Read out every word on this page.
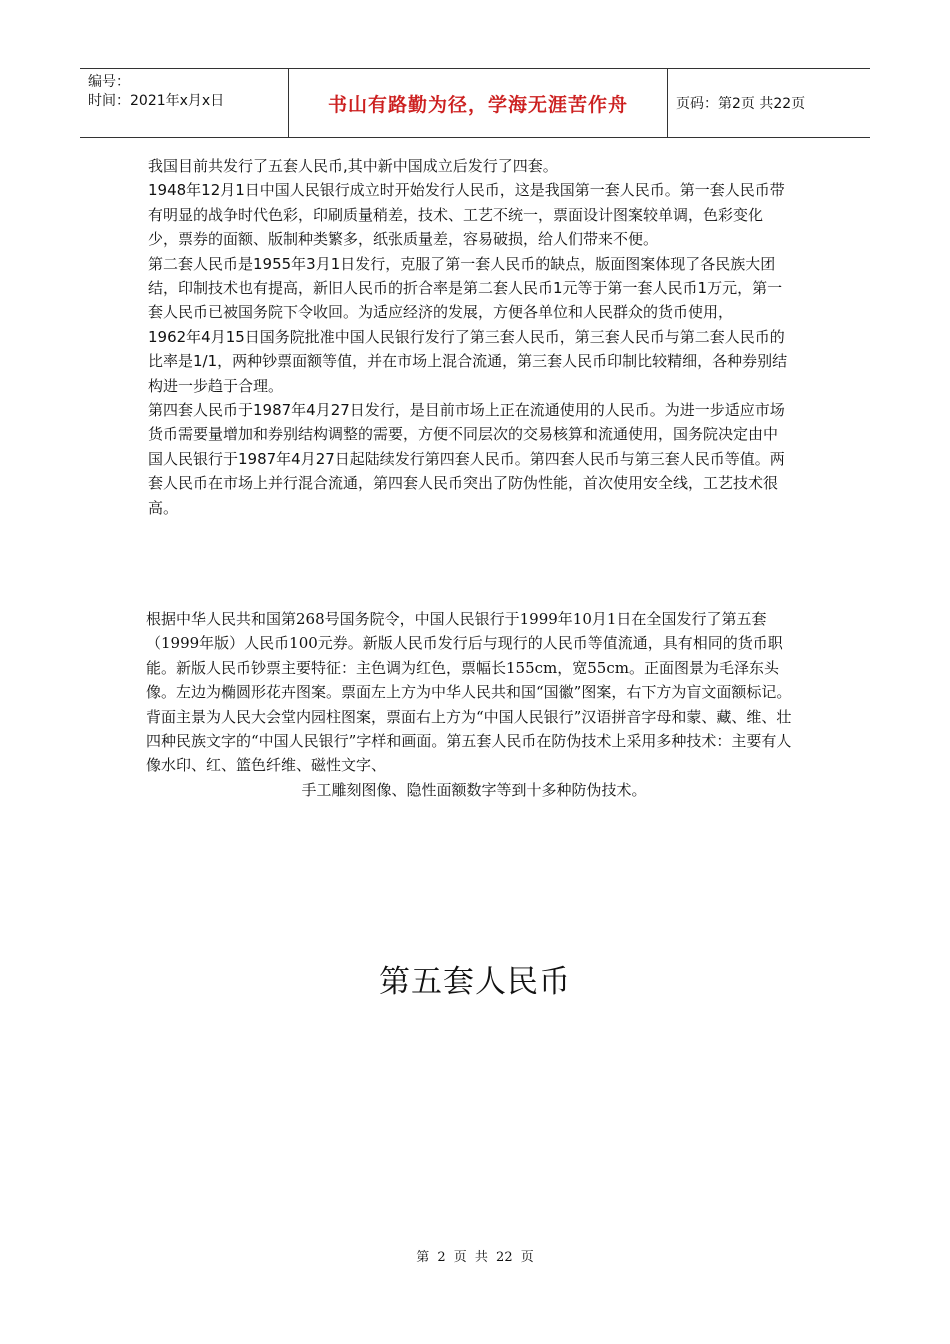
编号：
时间：2021年x月x日	书山有路勤为径，学海无涯苦作舟	页码：第2页 共22页

我国目前共发行了五套人民币,其中新中国成立后发行了四套。

1948年12月1日中国人民银行成立时开始发行人民币，这是我国第一套人民币。第一套人民币带有明显的战争时代色彩，印刷质量稍差，技术、工艺不统一，票面设计图案较单调，色彩变化少，票券的面额、版制种类繁多，纸张质量差，容易破损，给人们带来不便。

第二套人民币是1955年3月1日发行，克服了第一套人民币的缺点，版面图案体现了各民族大团结，印制技术也有提高，新旧人民币的折合率是第二套人民币1元等于第一套人民币1万元，第一套人民币已被国务院下令收回。为适应经济的发展，方便各单位和人民群众的货币使用，

1962年4月15日国务院批准中国人民银行发行了第三套人民币，第三套人民币与第二套人民币的比率是1/1，两种钞票面额等值，并在市场上混合流通，第三套人民币印制比较精细，各种券别结构进一步趋于合理。

第四套人民币于1987年4月27日发行，是目前市场上正在流通使用的人民币。为进一步适应市场货币需要量增加和券别结构调整的需要，方便不同层次的交易核算和流通使用，国务院决定由中国人民银行于1987年4月27日起陆续发行第四套人民币。第四套人民币与第三套人民币等值。两套人民币在市场上并行混合流通，第四套人民币突出了防伪性能，首次使用安全线，工艺技术很高。

根据中华人民共和国第268号国务院令，中国人民银行于1999年10月1日在全国发行了第五套（1999年版）人民币100元券。新版人民币发行后与现行的人民币等值流通，具有相同的货币职能。新版人民币钞票主要特征：主色调为红色，票幅长155cm，宽55cm。正面图景为毛泽东头像。左边为椭圆形花卉图案。票面左上方为中华人民共和国“国徽”图案，右下方为盲文面额标记。背面主景为人民大会堂内园柱图案，票面右上方为“中国人民银行”汉语拼音字母和蒙、藏、维、壮四种民族文字的“中国人民银行”字样和画面。第五套人民币在防伪技术上采用多种技术：主要有人像水印、红、篮色纤维、磁性文字、

手工雕刻图像、隐性面额数字等到十多种防伪技术。

第五套人民币
第 2 页 共 22 页
